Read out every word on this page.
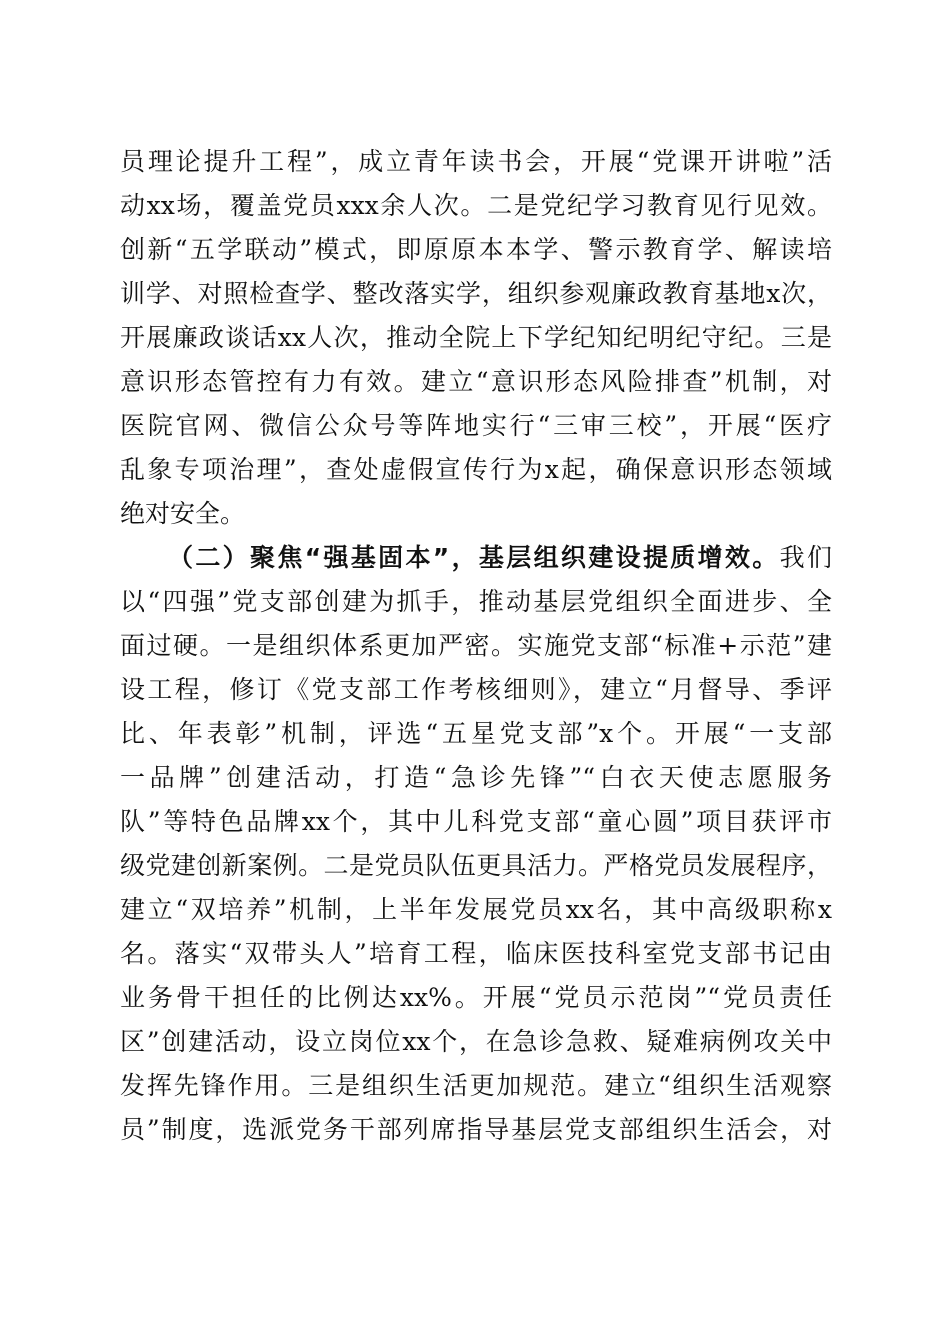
员理论提升工程”，成立青年读书会，开展“党课开讲啦”活
动xx场，覆盖党员xxx余人次。二是党纪学习教育见行见效。
创新“五学联动”模式，即原原本本学、警示教育学、解读培
训学、对照检查学、整改落实学，组织参观廉政教育基地x次，
开展廉政谈话xx人次，推动全院上下学纪知纪明纪守纪。三是
意识形态管控有力有效。建立“意识形态风险排查”机制，对
医院官网、微信公众号等阵地实行“三审三校”，开展“医疗
乱象专项治理”，查处虚假宣传行为x起，确保意识形态领域
绝对安全。
（二）聚焦“强基固本”，基层组织建设提质增效。我们
以“四强”党支部创建为抓手，推动基层党组织全面进步、全
面过硬。一是组织体系更加严密。实施党支部“标准+示范”建
设工程，修订《党支部工作考核细则》，建立“月督导、季评
比、年表彰”机制，评选“五星党支部”x个。开展“一支部
一品牌”创建活动，打造“急诊先锋”“白衣天使志愿服务
队”等特色品牌xx个，其中儿科党支部“童心圆”项目获评市
级党建创新案例。二是党员队伍更具活力。严格党员发展程序，
建立“双培养”机制，上半年发展党员xx名，其中高级职称x
名。落实“双带头人”培育工程，临床医技科室党支部书记由
业务骨干担任的比例达xx%。开展“党员示范岗”“党员责任
区”创建活动，设立岗位xx个，在急诊急救、疑难病例攻关中
发挥先锋作用。三是组织生活更加规范。建立“组织生活观察
员”制度，选派党务干部列席指导基层党支部组织生活会，对
